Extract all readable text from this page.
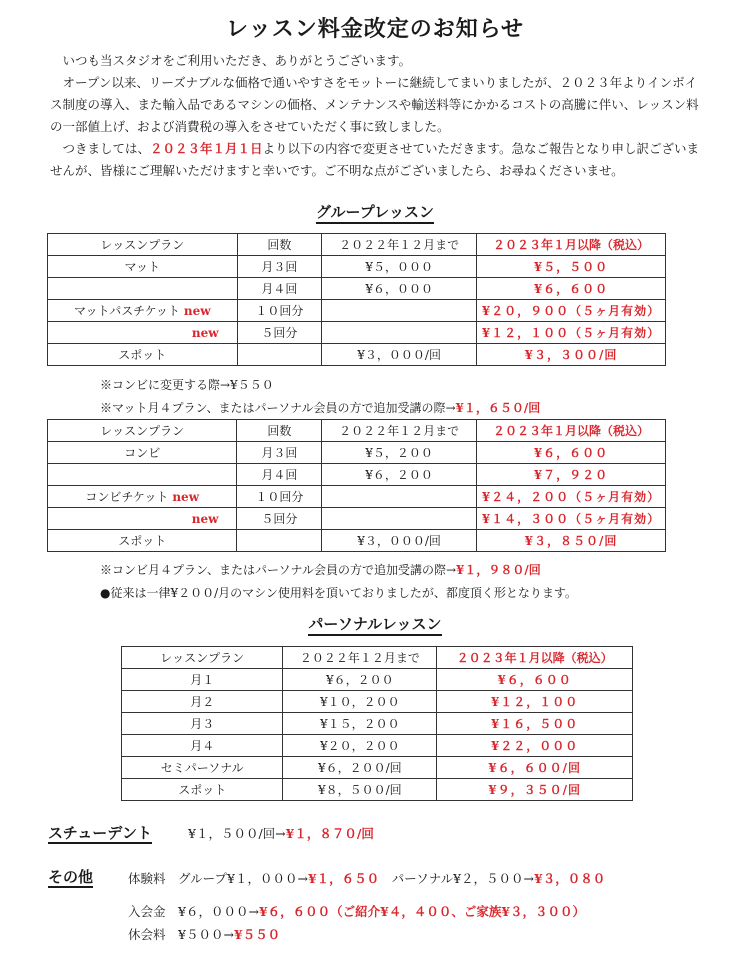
レッスン料金改定のお知らせ

　いつも当スタジオをご利用いただき、ありがとうございます。

　オープン以来、リーズナブルな価格で通いやすさをモットーに継続してまいりましたが、２０２３年よりインボイス制度の導入、また輸入品であるマシンの価格、メンテナンスや輸送料等にかかるコストの高騰に伴い、レッスン料の一部値上げ、および消費税の導入をさせていただく事に致しました。

　つきましては、２０２３年１月１日より以下の内容で変更させていただきます。急なご報告となり申し訳ございませんが、皆様にご理解いただけますと幸いです。ご不明な点がございましたら、お尋ねくださいませ。

グループレッスン
レッスンプラン	回数	２０２２年１２月まで	２０２３年１月以降（税込）
マット	月３回	¥５，０００	¥５，５００
	月４回	¥６，０００	¥６，６００
マットパスチケット new	１０回分		¥２０，９００（５ヶ月有効）
new	５回分		¥１２，１００（５ヶ月有効）
スポット		¥３，０００/回	¥３，３００/回
※コンビに変更する際→¥５５０
※マット月４プラン、またはパーソナル会員の方で追加受講の際→¥１，６５０/回
レッスンプラン	回数	２０２２年１２月まで	２０２３年１月以降（税込）
コンビ	月３回	¥５，２００	¥６，６００
	月４回	¥６，２００	¥７，９２０
コンビチケット new	１０回分		¥２４，２００（５ヶ月有効）
new	５回分		¥１４，３００（５ヶ月有効）
スポット		¥３，０００/回	¥３，８５０/回
※コンビ月４プラン、またはパーソナル会員の方で追加受講の際→¥１，９８０/回
●従来は一律¥２００/月のマシン使用料を頂いておりましたが、都度頂く形となります。
パーソナルレッスン
レッスンプラン	２０２２年１２月まで	２０２３年１月以降（税込）
月１	¥６，２００	¥６，６００
月２	¥１０，２００	¥１２，１００
月３	¥１５，２００	¥１６，５００
月４	¥２０，２００	¥２２，０００
セミパーソナル	¥６，２００/回	¥６，６００/回
スポット	¥８，５００/回	¥９，３５０/回
スチューデント	¥１，５００/回→¥１，８７０/回
その他	体験料　 グループ¥１，０００→¥１，６５０　 パーソナル¥２，５００→¥３，０８０
入会金　¥６，０００→¥６，６００（ご紹介¥４，４００、ご家族¥３，３００）
休会料　¥５００→¥５５０
